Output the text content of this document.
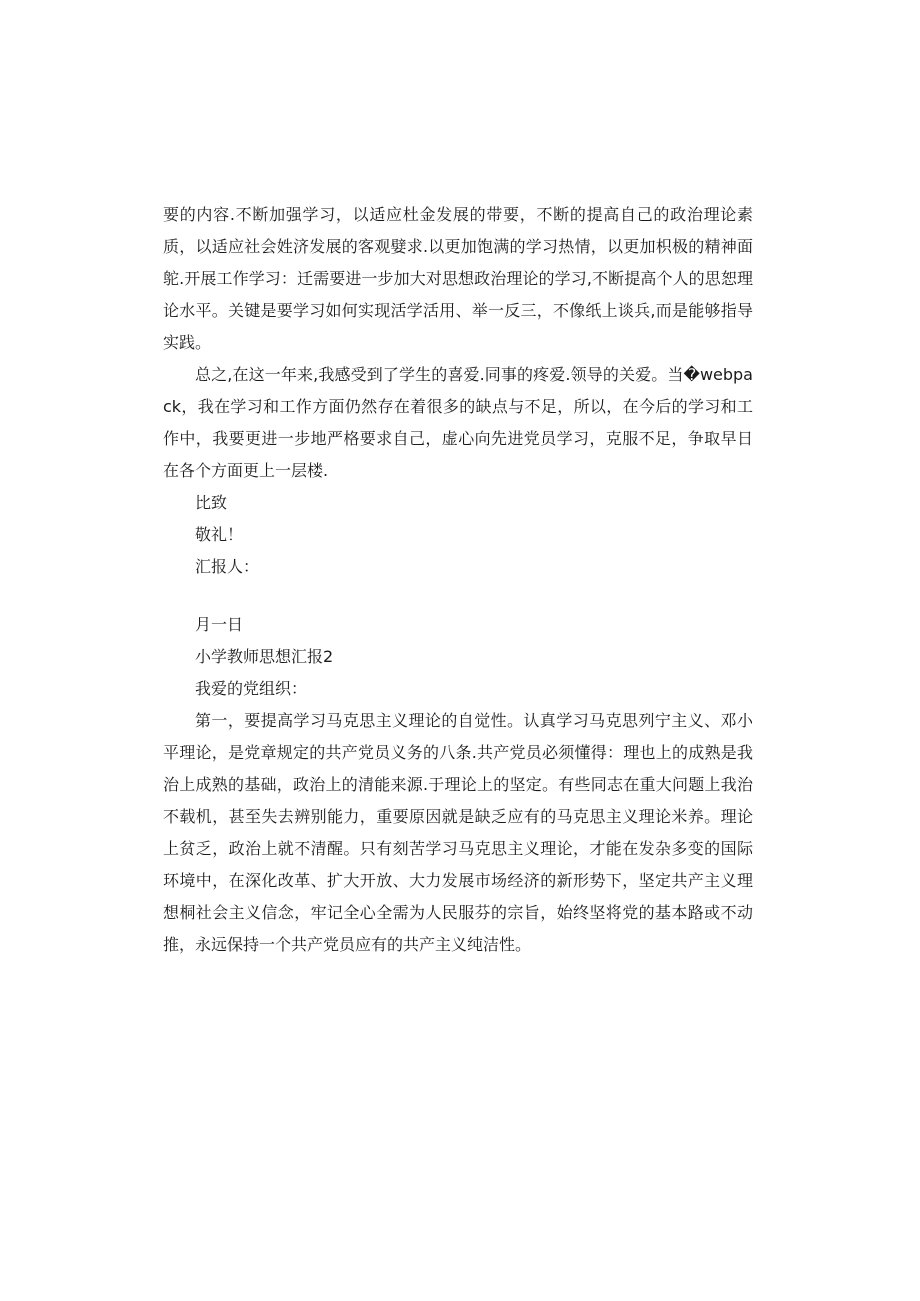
要的内容.不断加强学习，以适应杜金发展的带要，不断的提高自己的政治理论素质，以适应社会姓济发展的客观嬖求.以更加饱满的学习热情，以更加枳极的精神面鸵.开展工作学习：迁需要进一步加大对思想政治理论的学习,不断提高个人的思恕理论水平。关键是要学习如何实现活学活用、举一反三，不像纸上谈兵,而是能够指导实践。

总之,在这一年来,我感受到了学生的喜爱.同事的疼爱.领导的关爱。当�webpack，我在学习和工作方面仍然存在着很多的缺点与不足，所以，在今后的学习和工作中，我要更进一步地严格要求自己，虚心向先进党员学习，克服不足，争取早日在各个方面更上一层楼.

比致

敬礼！

汇报人：

月一日

小学教师思想汇报2

我爱的党组织：

第一，要提高学习马克思主义理论的自觉性。认真学习马克思列宁主义、邓小平理论，是党章规定的共产党员义务的八条.共产党员必须懂得：理也上的成熟是我治上成熟的基础，政治上的清能来源.于理论上的坚定。有些同志在重大问题上我治不载机，甚至失去辨别能力，重要原因就是缺乏应有的马克思主义理论米养。理论上贫乏，政治上就不清醒。只有刻苦学习马克思主义理论，才能在发杂多变的国际环境中，在深化改革、扩大开放、大力发展市场经济的新形势下，坚定共产主义理想桐社会主义信念，牢记全心全需为人民服芬的宗旨，始终坚将党的基本路或不动推，永远保持一个共产党员应有的共产主义纯洁性。
